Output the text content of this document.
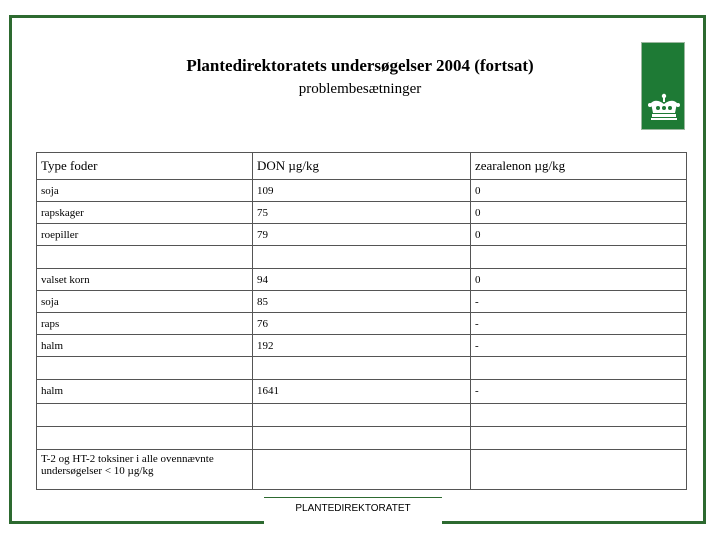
Plantedirektoratets undersøgelser 2004 (fortsat)
problembesætninger
Type foder	DON µg/kg	zearalenon µg/kg
soja	109	0
rapskager	75	0
roepiller	79	0

valset korn	94	0
soja	85	-
raps	76	-
halm	192	-

halm	1641	-

T-2 og HT-2 toksiner i alle ovennævnte undersøgelser < 10 µg/kg		
PLANTEDIREKTORATET
